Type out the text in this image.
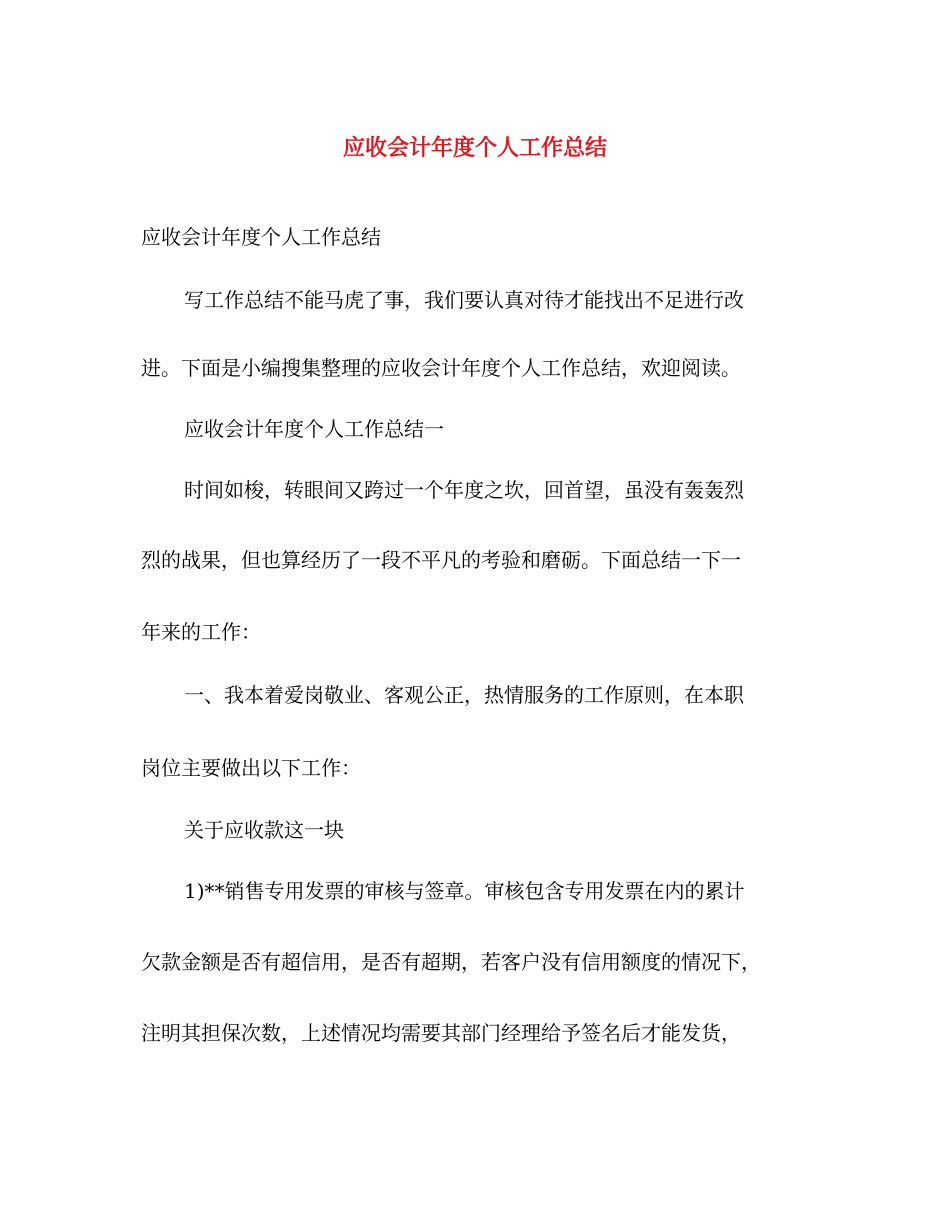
应收会计年度个人工作总结
应收会计年度个人工作总结
写工作总结不能马虎了事，我们要认真对待才能找出不足进行改
进。下面是小编搜集整理的应收会计年度个人工作总结，欢迎阅读。
应收会计年度个人工作总结一
时间如梭，转眼间又跨过一个年度之坎，回首望，虽没有轰轰烈
烈的战果，但也算经历了一段不平凡的考验和磨砺。下面总结一下一
年来的工作：
一、我本着爱岗敬业、客观公正，热情服务的工作原则，在本职
岗位主要做出以下工作：
关于应收款这一块
1)**销售专用发票的审核与签章。审核包含专用发票在内的累计
欠款金额是否有超信用，是否有超期，若客户没有信用额度的情况下，
注明其担保次数，上述情况均需要其部门经理给予签名后才能发货，
